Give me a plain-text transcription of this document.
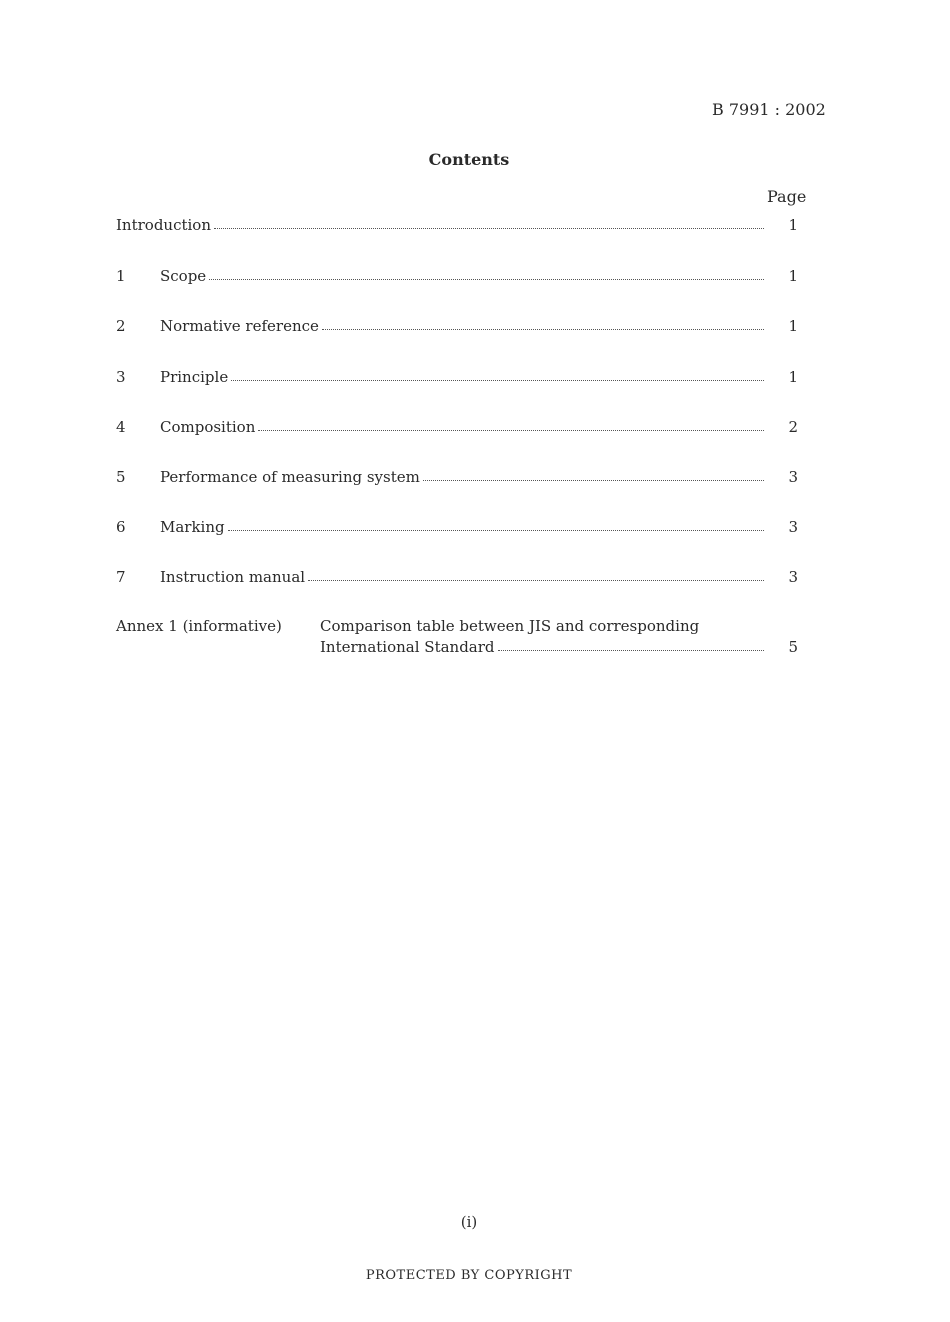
B 7991 : 2002
Contents
Page
Introduction	1
1	Scope	1
2	Normative reference	1
3	Principle	1
4	Composition	2
5	Performance of measuring system	3
6	Marking	3
7	Instruction manual	3
Annex 1 (informative)	Comparison table between JIS and corresponding
International Standard	5
(i)
PROTECTED BY COPYRIGHT
